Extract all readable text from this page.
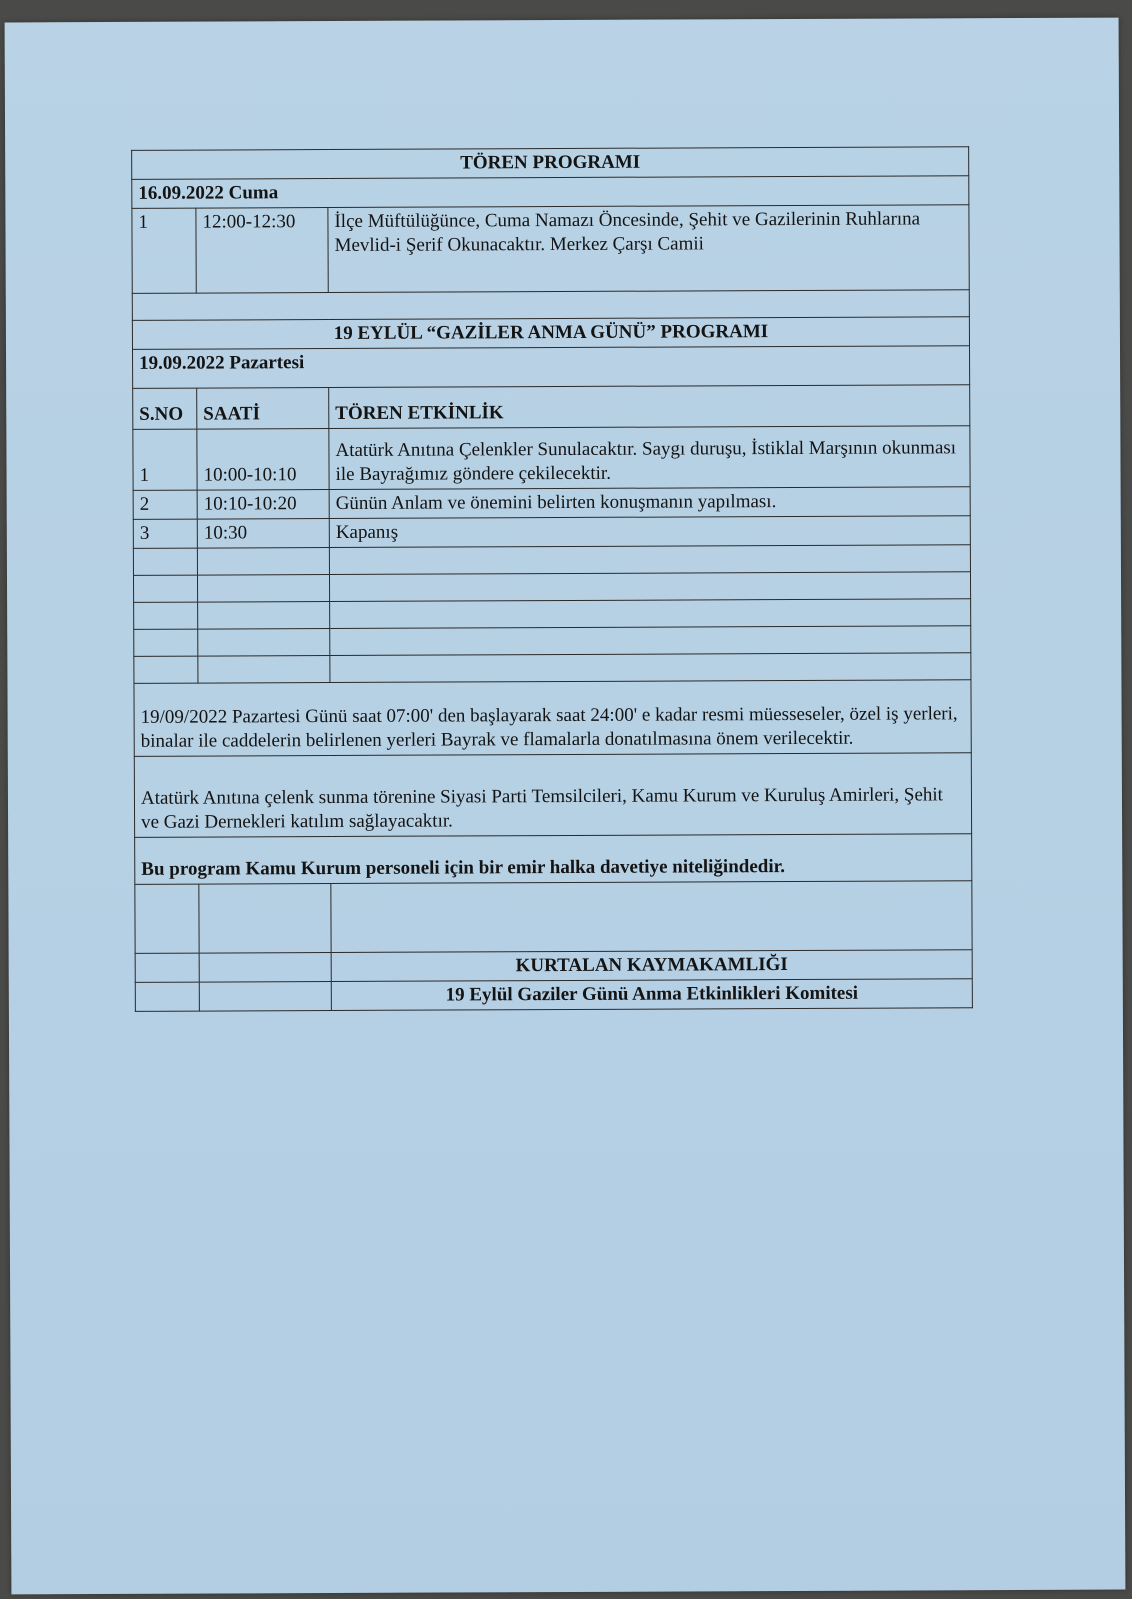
TÖREN PROGRAMI		
16.09.2022 Cuma		
1	12:00-12:30	İlçe Müftülüğünce, Cuma Namazı Öncesinde, Şehit ve Gazilerinin Ruhlarına Mevlid-i Şerif Okunacaktır. Merkez Çarşı Camii

19 EYLÜL “GAZİLER ANMA GÜNÜ” PROGRAMI		
19.09.2022 Pazartesi		
S.NO	SAATİ	TÖREN ETKİNLİK
1	10:00-10:10	Atatürk Anıtına Çelenkler Sunulacaktır. Saygı duruşu, İstiklal Marşının okunması ile Bayrağımız göndere çekilecektir.
2	10:10-10:20	Günün Anlam ve önemini belirten konuşmanın yapılması.
3	10:30	Kapanış

19/09/2022 Pazartesi Günü saat 07:00' den başlayarak saat 24:00' e kadar resmi müesseseler, özel iş yerleri, binalar ile caddelerin belirlenen yerleri Bayrak ve flamalarla donatılmasına önem verilecektir.		
Atatürk Anıtına çelenk sunma törenine Siyasi Parti Temsilcileri, Kamu Kurum ve Kuruluş Amirleri, Şehit ve Gazi Dernekleri katılım sağlayacaktır.		
Bu program Kamu Kurum personeli için bir emir halka davetiye niteliğindedir.		

		KURTALAN KAYMAKAMLIĞI
		19 Eylül Gaziler Günü Anma Etkinlikleri Komitesi
